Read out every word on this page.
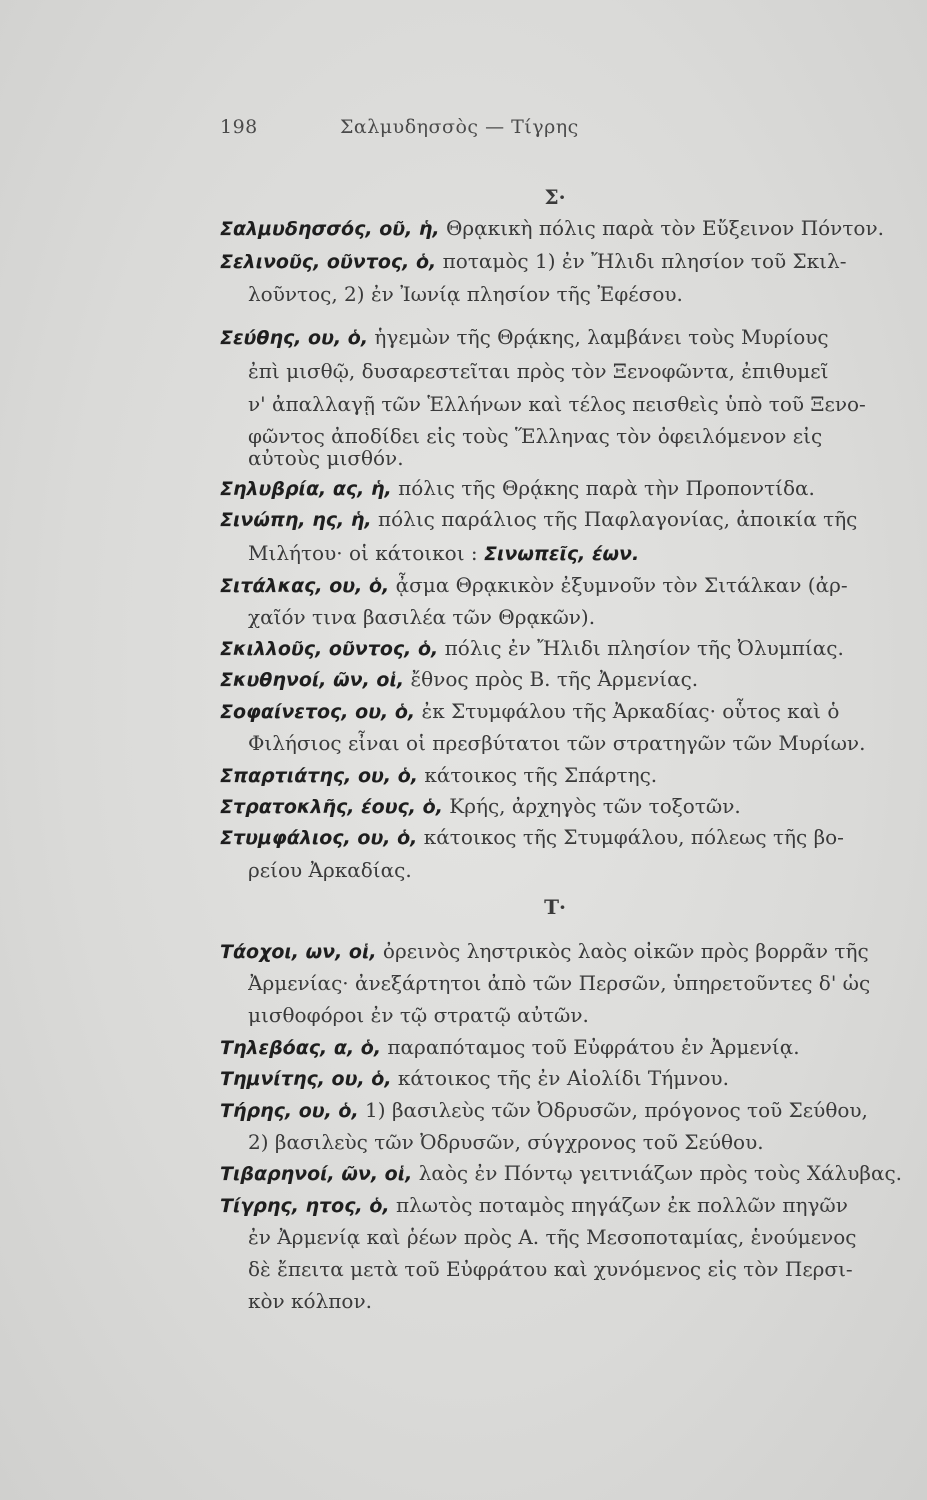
198	Σαλμυδησσὸς — Τίγρης
Σ·
Σαλμυδησσός, οῦ, ἡ, Θρᾳκικὴ πόλις παρὰ τὸν Εὔξεινον Πόντον.
Σελινοῦς, οῦντος, ὁ, ποταμὸς 1) ἐν Ἤλιδι πλησίον τοῦ Σκιλ-
λοῦντος, 2) ἐν Ἰωνίᾳ πλησίον τῆς Ἐφέσου.
Σεύθης, ου, ὁ, ἡγεμὼν τῆς Θρᾴκης, λαμβάνει τοὺς Μυρίους
ἐπὶ μισθῷ, δυσαρεστεῖται πρὸς τὸν Ξενοφῶντα, ἐπιθυμεῖ
ν' ἀπαλλαγῇ τῶν Ἑλλήνων καὶ τέλος πεισθεὶς ὑπὸ τοῦ Ξενο-
φῶντος ἀποδίδει εἰς τοὺς Ἕλληνας τὸν ὀφειλόμενον εἰς
αὐτοὺς μισθόν.
Σηλυβρία, ας, ἡ, πόλις τῆς Θρᾴκης παρὰ τὴν Προποντίδα.
Σινώπη, ης, ἡ, πόλις παράλιος τῆς Παφλαγονίας, ἀποικία τῆς
Μιλήτου· οἱ κάτοικοι : Σινωπεῖς, έων.
Σιτάλκας, ου, ὁ, ᾆσμα Θρᾳκικὸν ἐξυμνοῦν τὸν Σιτάλκαν (ἀρ-
χαῖόν τινα βασιλέα τῶν Θρᾳκῶν).
Σκιλλοῦς, οῦντος, ὁ, πόλις ἐν Ἤλιδι πλησίον τῆς Ὀλυμπίας.
Σκυθηνοί, ῶν, οἱ, ἔθνος πρὸς Β. τῆς Ἀρμενίας.
Σοφαίνετος, ου, ὁ, ἐκ Στυμφάλου τῆς Ἀρκαδίας· οὗτος καὶ ὁ
Φιλήσιος εἶναι οἱ πρεσβύτατοι τῶν στρατηγῶν τῶν Μυρίων.
Σπαρτιάτης, ου, ὁ, κάτοικος τῆς Σπάρτης.
Στρατοκλῆς, έους, ὁ, Κρής, ἀρχηγὸς τῶν τοξοτῶν.
Στυμφάλιος, ου, ὁ, κάτοικος τῆς Στυμφάλου, πόλεως τῆς βο-
ρείου Ἀρκαδίας.
Τ·
Τάοχοι, ων, οἱ, ὀρεινὸς ληστρικὸς λαὸς οἰκῶν πρὸς βορρᾶν τῆς
Ἀρμενίας· ἀνεξάρτητοι ἀπὸ τῶν Περσῶν, ὑπηρετοῦντες δ' ὡς
μισθοφόροι ἐν τῷ στρατῷ αὐτῶν.
Τηλεβόας, α, ὁ, παραπόταμος τοῦ Εὐφράτου ἐν Ἀρμενίᾳ.
Τημνίτης, ου, ὁ, κάτοικος τῆς ἐν Αἰολίδι Τήμνου.
Τήρης, ου, ὁ, 1) βασιλεὺς τῶν Ὀδρυσῶν, πρόγονος τοῦ Σεύθου,
2) βασιλεὺς τῶν Ὀδρυσῶν, σύγχρονος τοῦ Σεύθου.
Τιβαρηνοί, ῶν, οἱ, λαὸς ἐν Πόντῳ γειτνιάζων πρὸς τοὺς Χάλυβας.
Τίγρης, ητος, ὁ, πλωτὸς ποταμὸς πηγάζων ἐκ πολλῶν πηγῶν
ἐν Ἀρμενίᾳ καὶ ῥέων πρὸς Α. τῆς Μεσοποταμίας, ἑνούμενος
δὲ ἔπειτα μετὰ τοῦ Εὐφράτου καὶ χυνόμενος εἰς τὸν Περσι-
κὸν κόλπον.
